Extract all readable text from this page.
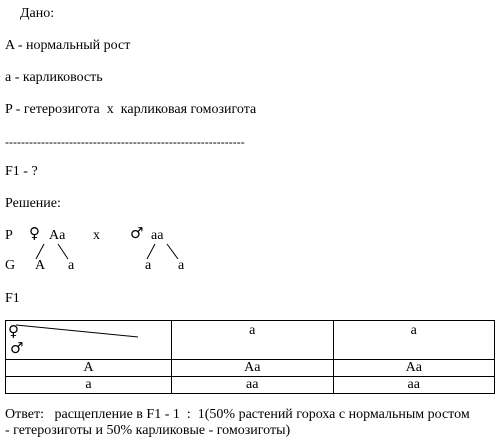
Дано:
A - нормальный рост
a - карликовость
P - гетерозигота  x  карликовая гомозигота
------------------------------------------------------------
F1 - ?
Решение:
P ♀ Aa x ♂ aa
G A a	a a
F1
♀
♂	a	a
A	Aa	Aa
a	aa	aa
Ответ:   расщепление в F1 - 1  :  1(50% растений гороха с нормальным ростом
- гетерозиготы и 50% карликовые - гомозиготы)
